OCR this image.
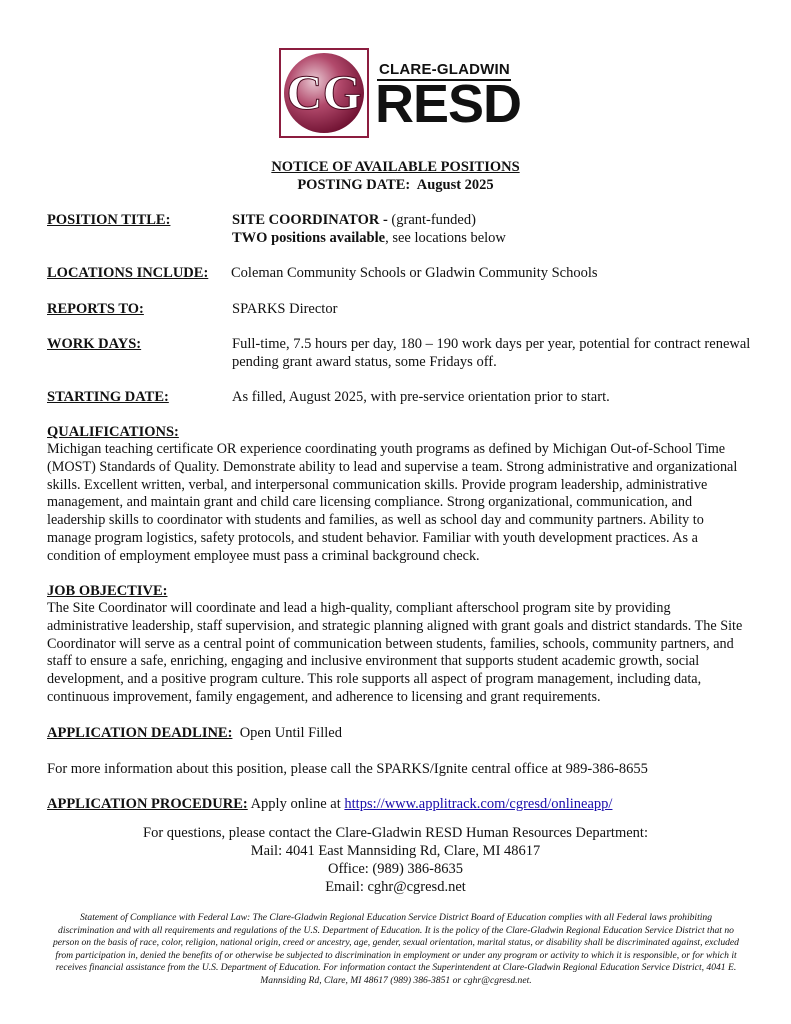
CG CLARE-GLADWIN
RESD
NOTICE OF AVAILABLE POSITIONS
POSTING DATE: August 2025
POSITION TITLE:	SITE COORDINATOR - (grant-funded)
TWO positions available, see locations below
LOCATIONS INCLUDE: Coleman Community Schools or Gladwin Community Schools
REPORTS TO:	SPARKS Director
WORK DAYS:	Full-time, 7.5 hours per day, 180 – 190 work days per year, potential for contract renewal
pending grant award status, some Fridays off.
STARTING DATE:	As filled, August 2025, with pre-service orientation prior to start.
QUALIFICATIONS:
Michigan teaching certificate OR experience coordinating youth programs as defined by Michigan Out-of-School Time
(MOST) Standards of Quality. Demonstrate ability to lead and supervise a team. Strong administrative and organizational
skills. Excellent written, verbal, and interpersonal communication skills. Provide program leadership, administrative
management, and maintain grant and child care licensing compliance. Strong organizational, communication, and
leadership skills to coordinator with students and families, as well as school day and community partners. Ability to
manage program logistics, safety protocols, and student behavior. Familiar with youth development practices. As a
condition of employment employee must pass a criminal background check.
JOB OBJECTIVE:
The Site Coordinator will coordinate and lead a high-quality, compliant afterschool program site by providing
administrative leadership, staff supervision, and strategic planning aligned with grant goals and district standards. The Site
Coordinator will serve as a central point of communication between students, families, schools, community partners, and
staff to ensure a safe, enriching, engaging and inclusive environment that supports student academic growth, social
development, and a positive program culture. This role supports all aspect of program management, including data,
continuous improvement, family engagement, and adherence to licensing and grant requirements.
APPLICATION DEADLINE: Open Until Filled
For more information about this position, please call the SPARKS/Ignite central office at 989-386-8655
APPLICATION PROCEDURE: Apply online at https://www.applitrack.com/cgresd/onlineapp/
For questions, please contact the Clare-Gladwin RESD Human Resources Department:
Mail: 4041 East Mannsiding Rd, Clare, MI 48617
Office: (989) 386-8635
Email: cghr@cgresd.net
Statement of Compliance with Federal Law: The Clare-Gladwin Regional Education Service District Board of Education complies with all Federal laws prohibiting discrimination and with all requirements and regulations of the U.S. Department of Education. It is the policy of the Clare-Gladwin Regional Education Service District that no person on the basis of race, color, religion, national origin, creed or ancestry, age, gender, sexual orientation, marital status, or disability shall be discriminated against, excluded from participation in, denied the benefits of or otherwise be subjected to discrimination in employment or under any program or activity to which it is responsible, or for which it receives financial assistance from the U.S. Department of Education. For information contact the Superintendent at Clare-Gladwin Regional Education Service District, 4041 E. Mannsiding Rd, Clare, MI 48617 (989) 386-3851 or cghr@cgresd.net.
